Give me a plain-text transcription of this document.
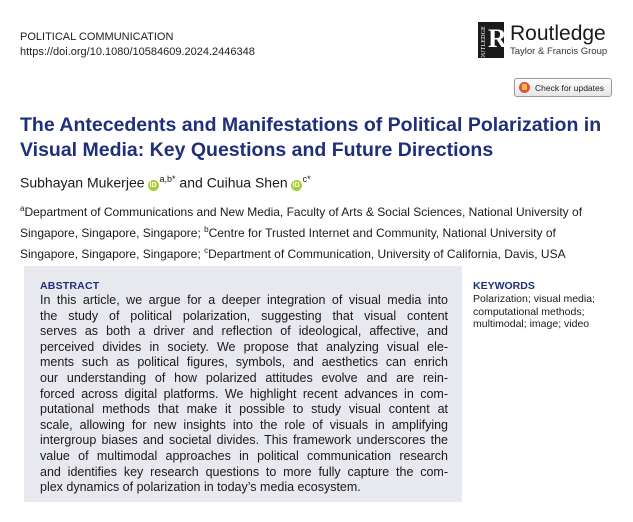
POLITICAL COMMUNICATION
https://doi.org/10.1080/10584609.2024.2446348	ROUTLEDGE R Routledge
Taylor & Francis Group
Check for updates
The Antecedents and Manifestations of Political Polarization in Visual Media: Key Questions and Future Directions
Subhayan Mukerjee $iD^{a,b*}$ and Cuihua Shen $iD^{c*}$
$^a$Department of Communications and New Media, Faculty of Arts & Social Sciences, National University of Singapore, Singapore, Singapore; $^b$Centre for Trusted Internet and Community, National University of Singapore, Singapore, Singapore; $^c$Department of Communication, University of California, Davis, USA
ABSTRACT
In this article, we argue for a deeper integration of visual media into
the study of political polarization, suggesting that visual content
serves as both a driver and reflection of ideological, affective, and
perceived divides in society. We propose that analyzing visual ele-
ments such as political figures, symbols, and aesthetics can enrich
our understanding of how polarized attitudes evolve and are rein-
forced across digital platforms. We highlight recent advances in com-
putational methods that make it possible to study visual content at
scale, allowing for new insights into the role of visuals in amplifying
intergroup biases and societal divides. This framework underscores the
value of multimodal approaches in political communication research
and identifies key research questions to more fully capture the com-
plex dynamics of polarization in today’s media ecosystem.
KEYWORDS
Polarization; visual media;
computational methods;
multimodal; image; video
